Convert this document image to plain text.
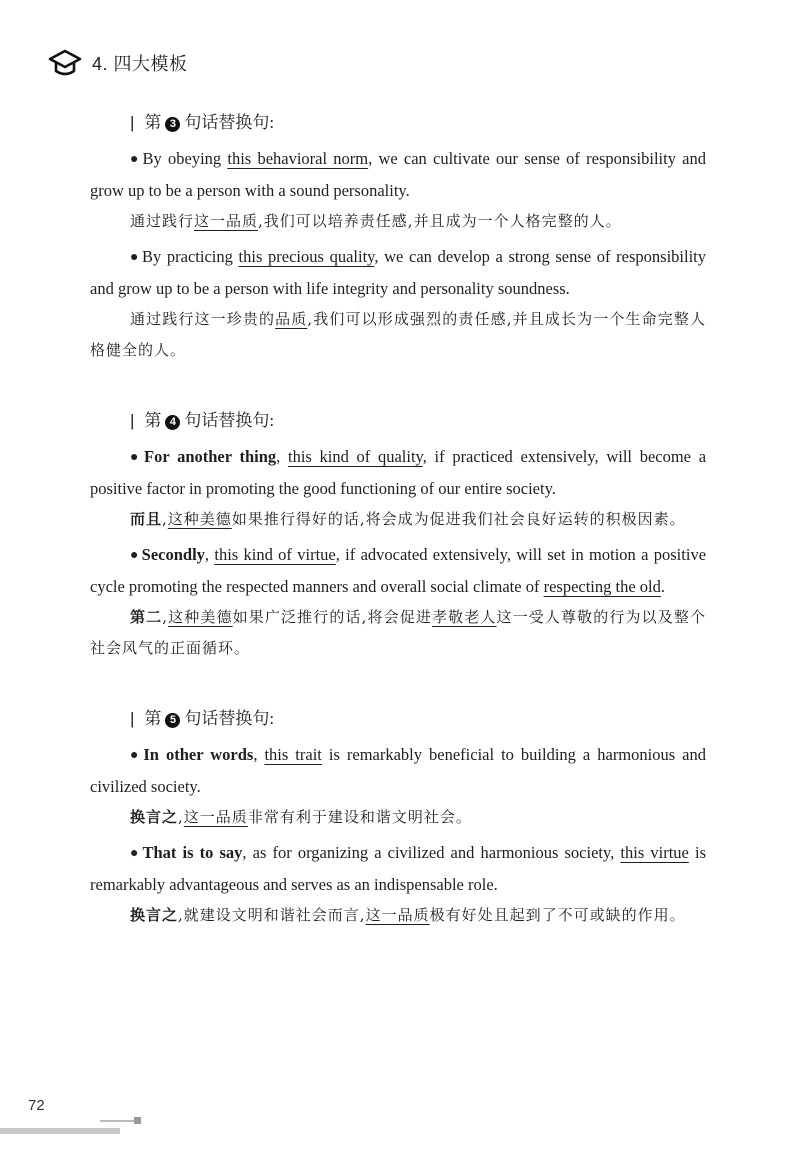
4. 四大模板
| 第 3 句话替换句:

● By obeying this behavioral norm, we can cultivate our sense of responsibility and grow up to be a person with a sound personality.

通过践行这一品质,我们可以培养责任感,并且成为一个人格完整的人。

● By practicing this precious quality, we can develop a strong sense of responsibility and grow up to be a person with life integrity and personality soundness.

通过践行这一珍贵的品质,我们可以形成强烈的责任感,并且成长为一个生命完整人格健全的人。

| 第 4 句话替换句:

● For another thing, this kind of quality, if practiced extensively, will become a positive factor in promoting the good functioning of our entire society.

而且,这种美德如果推行得好的话,将会成为促进我们社会良好运转的积极因素。

● Secondly, this kind of virtue, if advocated extensively, will set in motion a positive cycle promoting the respected manners and overall social climate of respecting the old.

第二,这种美德如果广泛推行的话,将会促进孝敬老人这一受人尊敬的行为以及整个社会风气的正面循环。

| 第 5 句话替换句:

● In other words, this trait is remarkably beneficial to building a harmonious and civilized society.

换言之,这一品质非常有利于建设和谐文明社会。

● That is to say, as for organizing a civilized and harmonious society, this virtue is remarkably advantageous and serves as an indispensable role.

换言之,就建设文明和谐社会而言,这一品质极有好处且起到了不可或缺的作用。

72
